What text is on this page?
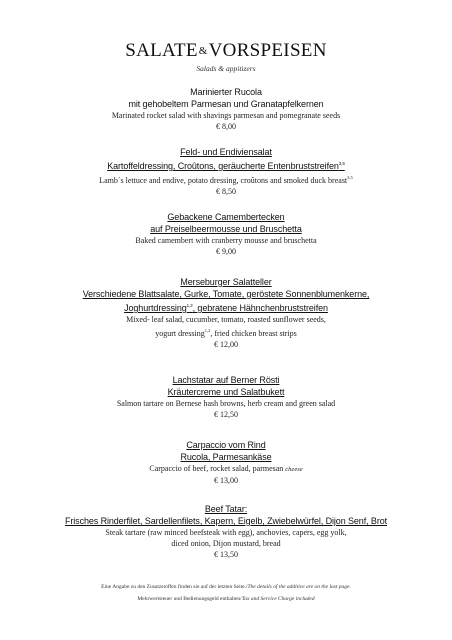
SALATE&VORSPEISEN
Salads & appitizers
Marinierter Rucola
mit gehobeltem Parmesan und Granatapfelkernen
Marinated rocket salad with shavings parmesan and pomegranate seeds
€ 8,00
Feld- und Endiviensalat
Kartoffeldressing, Croûtons, geräucherte Entenbruststreifen$^{3,5}$
Lamb´s lettuce and endive, potato dressing, croûtons and smoked duck breast$^{3,5}$
€ 8,50
Gebackene Camembertecken
auf Preiselbeermousse und Bruschetta
Baked camembert with cranberry mousse and bruschetta
€ 9,00
Merseburger Salatteller
Verschiedene Blattsalate, Gurke, Tomate, geröstete Sonnenblumenkerne,
Joghurtdressing$^{1,2}$, gebratene Hähnchenbruststreifen
Mixed- leaf salad, cucumber, tomato, roasted sunflower seeds,
yogurt dressing$^{1,2}$, fried chicken breast strips
€ 12,00
Lachstatar auf Berner Rösti
Kräutercreme und Salatbukett
Salmon tartare on Bernese hash browns, herb cream and green salad
€ 12,50
Carpaccio vom Rind
Rucola, Parmesankäse
Carpaccio of beef, rocket salad, parmesan cheese
€ 13,00
Beef Tatar:
Frisches Rinderfilet, Sardellenfilets, Kapern, Eigelb, Zwiebelwürfel, Dijon Senf, Brot
Steak tartare (raw minced beefsteak with egg), anchovies, capers, egg yolk,
diced onion, Dijon mustard, bread
€ 13,50
Eine Angabe zu den Zusatzstoffen finden sie auf der letzten Seite./The details of the additive are on the last page.
Mehrwertsteuer und Bedienungsgeld enthalten/Tax and Service Charge included
